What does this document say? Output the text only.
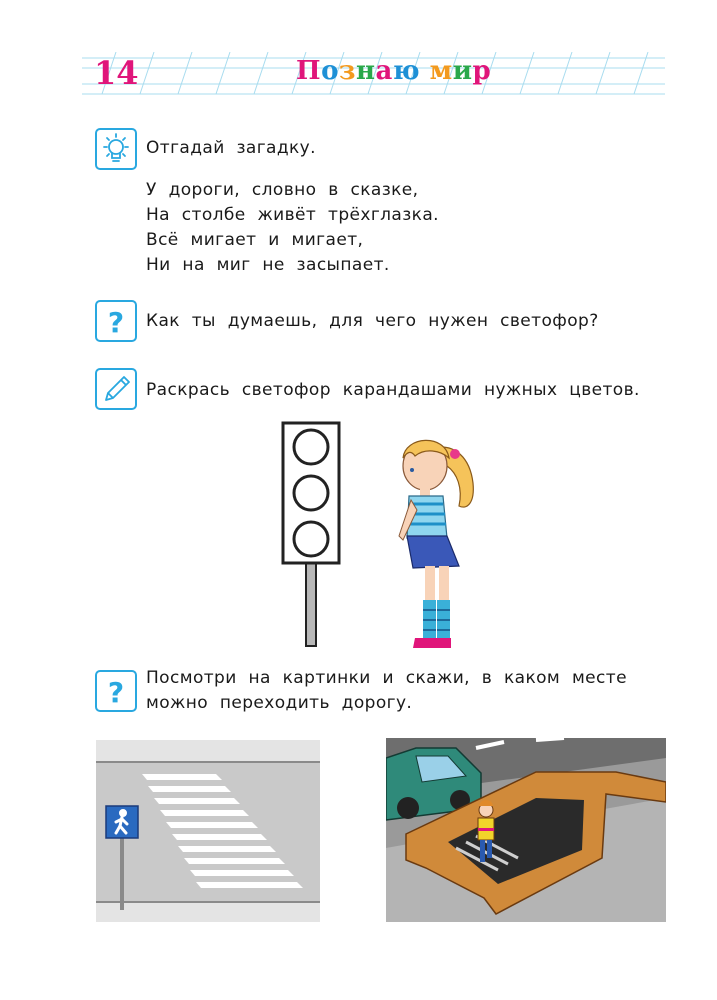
14	Познаю мир
Отгадай загадку.
У дороги, словно в сказке,
На столбе живёт трёхглазка.
Всё мигает и мигает,
Ни на миг не засыпает.
? Как ты думаешь, для чего нужен светофор?
Раскрась светофор карандашами нужных цветов.
? Посмотри на картинки и скажи, в каком месте
можно переходить дорогу.
